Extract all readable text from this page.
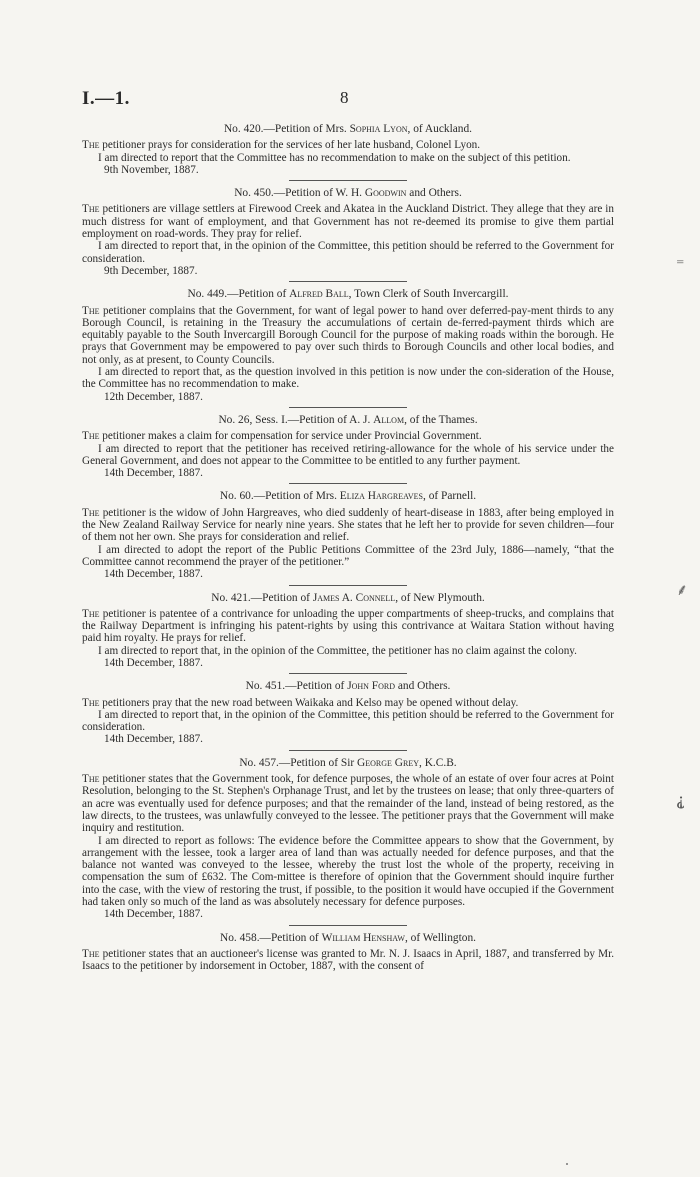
I.—1.	8

No. 420.—Petition of Mrs. Sophia Lyon, of Auckland.

The petitioner prays for consideration for the services of her late husband, Colonel Lyon.

I am directed to report that the Committee has no recommendation to make on the subject of this petition.

9th November, 1887.

No. 450.—Petition of W. H. Goodwin and Others.

The petitioners are village settlers at Firewood Creek and Akatea in the Auckland District. They allege that they are in much distress for want of employment, and that Government has not re-deemed its promise to give them partial employment on road-words. They pray for relief.

I am directed to report that, in the opinion of the Committee, this petition should be referred to the Government for consideration.

9th December, 1887.

No. 449.—Petition of Alfred Ball, Town Clerk of South Invercargill.

The petitioner complains that the Government, for want of legal power to hand over deferred-pay-ment thirds to any Borough Council, is retaining in the Treasury the accumulations of certain de-ferred-payment thirds which are equitably payable to the South Invercargill Borough Council for the purpose of making roads within the borough. He prays that Government may be empowered to pay over such thirds to Borough Councils and other local bodies, and not only, as at present, to County Councils.

I am directed to report that, as the question involved in this petition is now under the con-sideration of the House, the Committee has no recommendation to make.

12th December, 1887.

No. 26, Sess. I.—Petition of A. J. Allom, of the Thames.

The petitioner makes a claim for compensation for service under Provincial Government.

I am directed to report that the petitioner has received retiring-allowance for the whole of his service under the General Government, and does not appear to the Committee to be entitled to any further payment.

14th December, 1887.

No. 60.—Petition of Mrs. Eliza Hargreaves, of Parnell.

The petitioner is the widow of John Hargreaves, who died suddenly of heart-disease in 1883, after being employed in the New Zealand Railway Service for nearly nine years. She states that he left her to provide for seven children—four of them not her own. She prays for consideration and relief.

I am directed to adopt the report of the Public Petitions Committee of the 23rd July, 1886—namely, “that the Committee cannot recommend the prayer of the petitioner.”

14th December, 1887.

No. 421.—Petition of James A. Connell, of New Plymouth.

The petitioner is patentee of a contrivance for unloading the upper compartments of sheep-trucks, and complains that the Railway Department is infringing his patent-rights by using this contrivance at Waitara Station without having paid him royalty. He prays for relief.

I am directed to report that, in the opinion of the Committee, the petitioner has no claim against the colony.

14th December, 1887.

No. 451.—Petition of John Ford and Others.

The petitioners pray that the new road between Waikaka and Kelso may be opened without delay.

I am directed to report that, in the opinion of the Committee, this petition should be referred to the Government for consideration.

14th December, 1887.

No. 457.—Petition of Sir George Grey, K.C.B.

The petitioner states that the Government took, for defence purposes, the whole of an estate of over four acres at Point Resolution, belonging to the St. Stephen's Orphanage Trust, and let by the trustees on lease; that only three-quarters of an acre was eventually used for defence purposes; and that the remainder of the land, instead of being restored, as the law directs, to the trustees, was unlawfully conveyed to the lessee. The petitioner prays that the Government will make inquiry and restitution.

I am directed to report as follows: The evidence before the Committee appears to show that the Government, by arrangement with the lessee, took a larger area of land than was actually needed for defence purposes, and that the balance not wanted was conveyed to the lessee, whereby the trust lost the whole of the property, receiving in compensation the sum of £632. The Com-mittee is therefore of opinion that the Government should inquire further into the case, with the view of restoring the trust, if possible, to the position it would have occupied if the Government had taken only so much of the land as was absolutely necessary for defence purposes.

14th December, 1887.

No. 458.—Petition of William Henshaw, of Wellington.

The petitioner states that an auctioneer's license was granted to Mr. N. J. Isaacs in April, 1887, and transferred by Mr. Isaacs to the petitioner by indorsement in October, 1887, with the consent of

⁼
⸙
⸘
